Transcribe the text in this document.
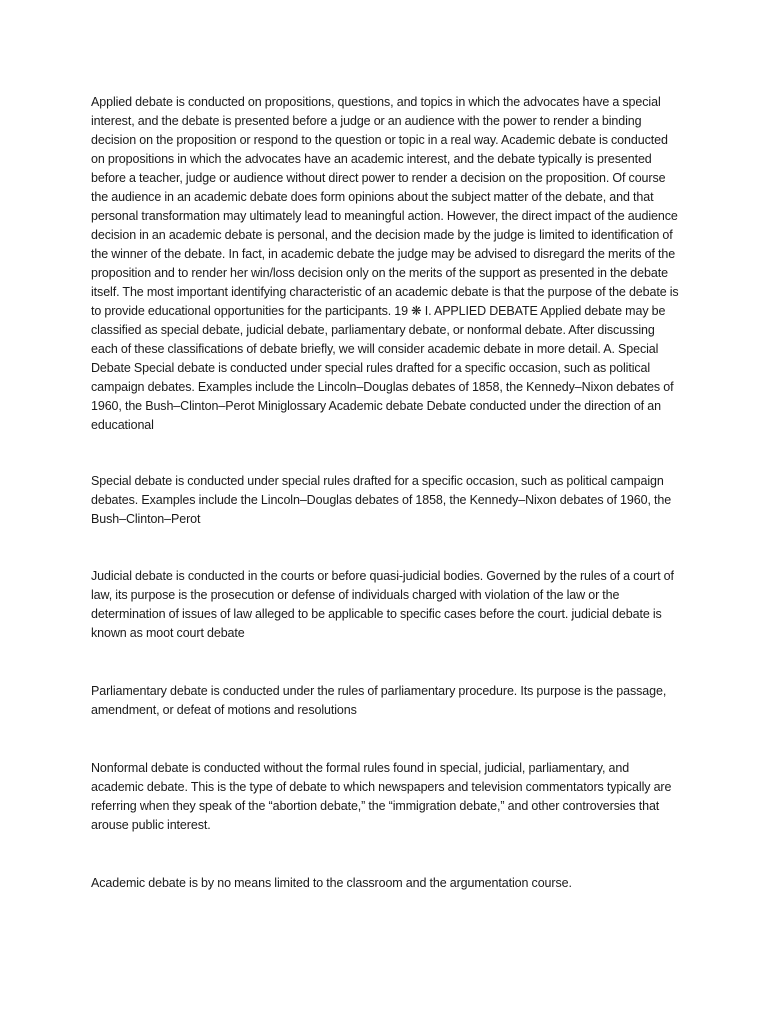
Applied debate is conducted on propositions, questions, and topics in which the advocates have a special interest, and the debate is presented before a judge or an audience with the power to render a binding decision on the proposition or respond to the question or topic in a real way. Academic debate is conducted on propositions in which the advocates have an academic interest, and the debate typically is presented before a teacher, judge or audience without direct power to render a decision on the proposition. Of course the audience in an academic debate does form opinions about the subject matter of the debate, and that personal transformation may ultimately lead to meaningful action. However, the direct impact of the audience decision in an academic debate is personal, and the decision made by the judge is limited to identification of the winner of the debate. In fact, in academic debate the judge may be advised to disregard the merits of the proposition and to render her win/loss decision only on the merits of the support as presented in the debate itself. The most important identifying characteristic of an academic debate is that the purpose of the debate is to provide educational opportunities for the participants. 19 ❋ I. APPLIED DEBATE Applied debate may be classified as special debate, judicial debate, parliamentary debate, or nonformal debate. After discussing each of these classifications of debate briefly, we will consider academic debate in more detail. A. Special Debate Special debate is conducted under special rules drafted for a specific occasion, such as political campaign debates. Examples include the Lincoln–Douglas debates of 1858, the Kennedy–Nixon debates of 1960, the Bush–Clinton–Perot Miniglossary Academic debate Debate conducted under the direction of an educational

Special debate is conducted under special rules drafted for a specific occasion, such as political campaign debates. Examples include the Lincoln–Douglas debates of 1858, the Kennedy–Nixon debates of 1960, the Bush–Clinton–Perot

Judicial debate is conducted in the courts or before quasi-judicial bodies. Governed by the rules of a court of law, its purpose is the prosecution or defense of individuals charged with violation of the law or the determination of issues of law alleged to be applicable to specific cases before the court. judicial debate is known as moot court debate

Parliamentary debate is conducted under the rules of parliamentary procedure. Its purpose is the passage, amendment, or defeat of motions and resolutions

Nonformal debate is conducted without the formal rules found in special, judicial, parliamentary, and academic debate. This is the type of debate to which newspapers and television commentators typically are referring when they speak of the “abortion debate,” the “immigration debate,” and other controversies that arouse public interest.

Academic debate is by no means limited to the classroom and the argumentation course.
